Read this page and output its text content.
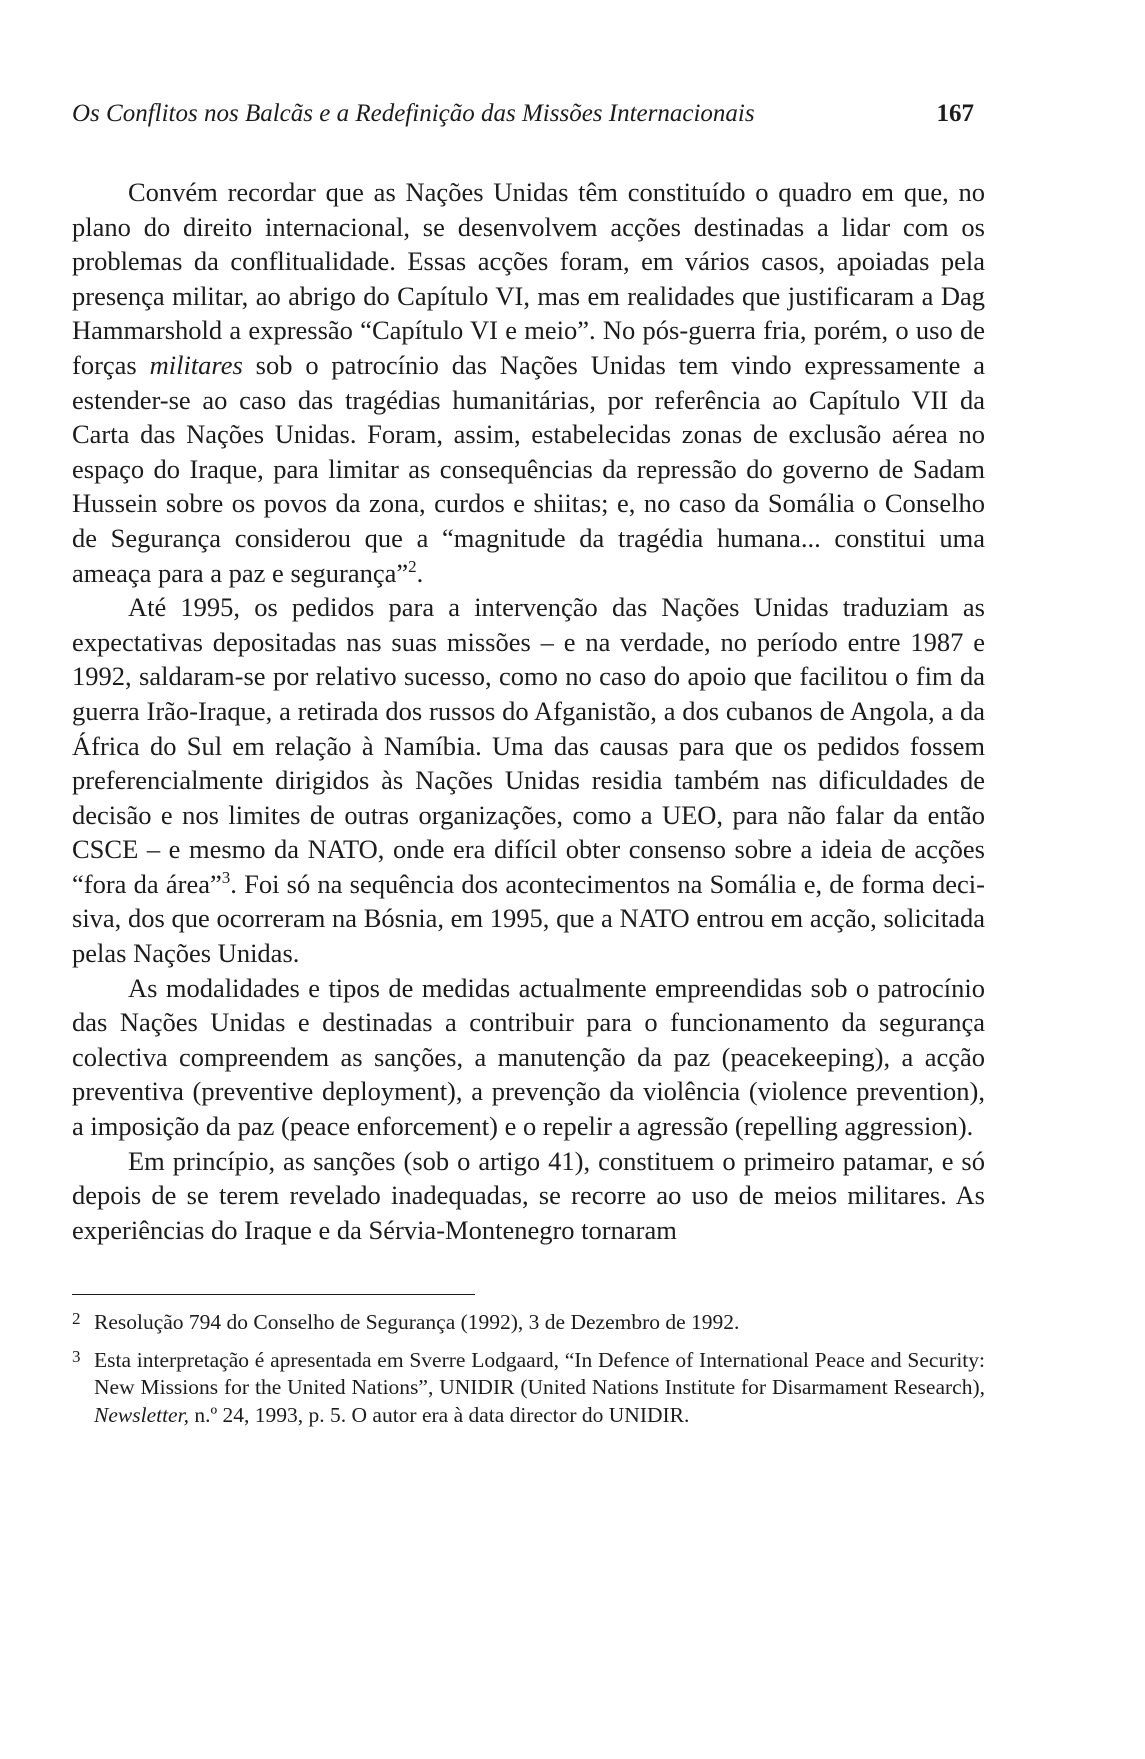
Os Conflitos nos Balcãs e a Redefinição das Missões Internacionais	167

Convém recordar que as Nações Unidas têm constituído o quadro em que, no plano do direito internacional, se desenvolvem acções destinadas a lidar com os problemas da conflitualidade. Essas acções foram, em vários casos, apoiadas pela presença militar, ao abrigo do Capítulo VI, mas em realidades que justificaram a Dag Hammarshold a expressão “Capítulo VI e meio”. No pós-guerra fria, porém, o uso de forças militares sob o patrocínio das Nações Unidas tem vindo expressamente a estender-se ao caso das tragédias humanitárias, por referência ao Capítulo VII da Carta das Nações Unidas. Foram, assim, estabelecidas zonas de exclusão aérea no espaço do Iraque, para limitar as consequências da repressão do governo de Sadam Hussein sobre os povos da zona, curdos e shiitas; e, no caso da Somália o Conselho de Segurança considerou que a “magnitude da tragédia humana... constitui uma ameaça para a paz e segurança”$^2$.

Até 1995, os pedidos para a intervenção das Nações Unidas traduziam as expectativas depositadas nas suas missões – e na verdade, no período entre 1987 e 1992, saldaram-se por relativo sucesso, como no caso do apoio que facilitou o fim da guerra Irão-Iraque, a retirada dos russos do Afganistão, a dos cubanos de Angola, a da África do Sul em relação à Namíbia. Uma das causas para que os pedidos fossem preferencialmente dirigidos às Nações Unidas residia também nas dificuldades de decisão e nos limites de outras organizações, como a UEO, para não falar da então CSCE – e mesmo da NATO, onde era difícil obter consenso sobre a ideia de acções “fora da área”$^3$. Foi só na sequência dos acontecimentos na Somália e, de forma decisiva, dos que ocorreram na Bósnia, em 1995, que a NATO entrou em acção, solicitada pelas Nações Unidas.

As modalidades e tipos de medidas actualmente empreendidas sob o patrocínio das Nações Unidas e destinadas a contribuir para o funcionamento da segurança colectiva compreendem as sanções, a manutenção da paz (peacekeeping), a acção preventiva (preventive deployment), a prevenção da violência (violence prevention), a imposição da paz (peace enforcement) e o repelir a agressão (repelling aggression).

Em princípio, as sanções (sob o artigo 41), constituem o primeiro patamar, e só depois de se terem revelado inadequadas, se recorre ao uso de meios militares. As experiências do Iraque e da Sérvia-Montenegro tornaram

2 Resolução 794 do Conselho de Segurança (1992), 3 de Dezembro de 1992.
3 Esta interpretação é apresentada em Sverre Lodgaard, “In Defence of International Peace and Security: New Missions for the United Nations”, UNIDIR (United Nations Institute for Disarmament Research), Newsletter, n.º 24, 1993, p. 5. O autor era à data director do UNIDIR.
